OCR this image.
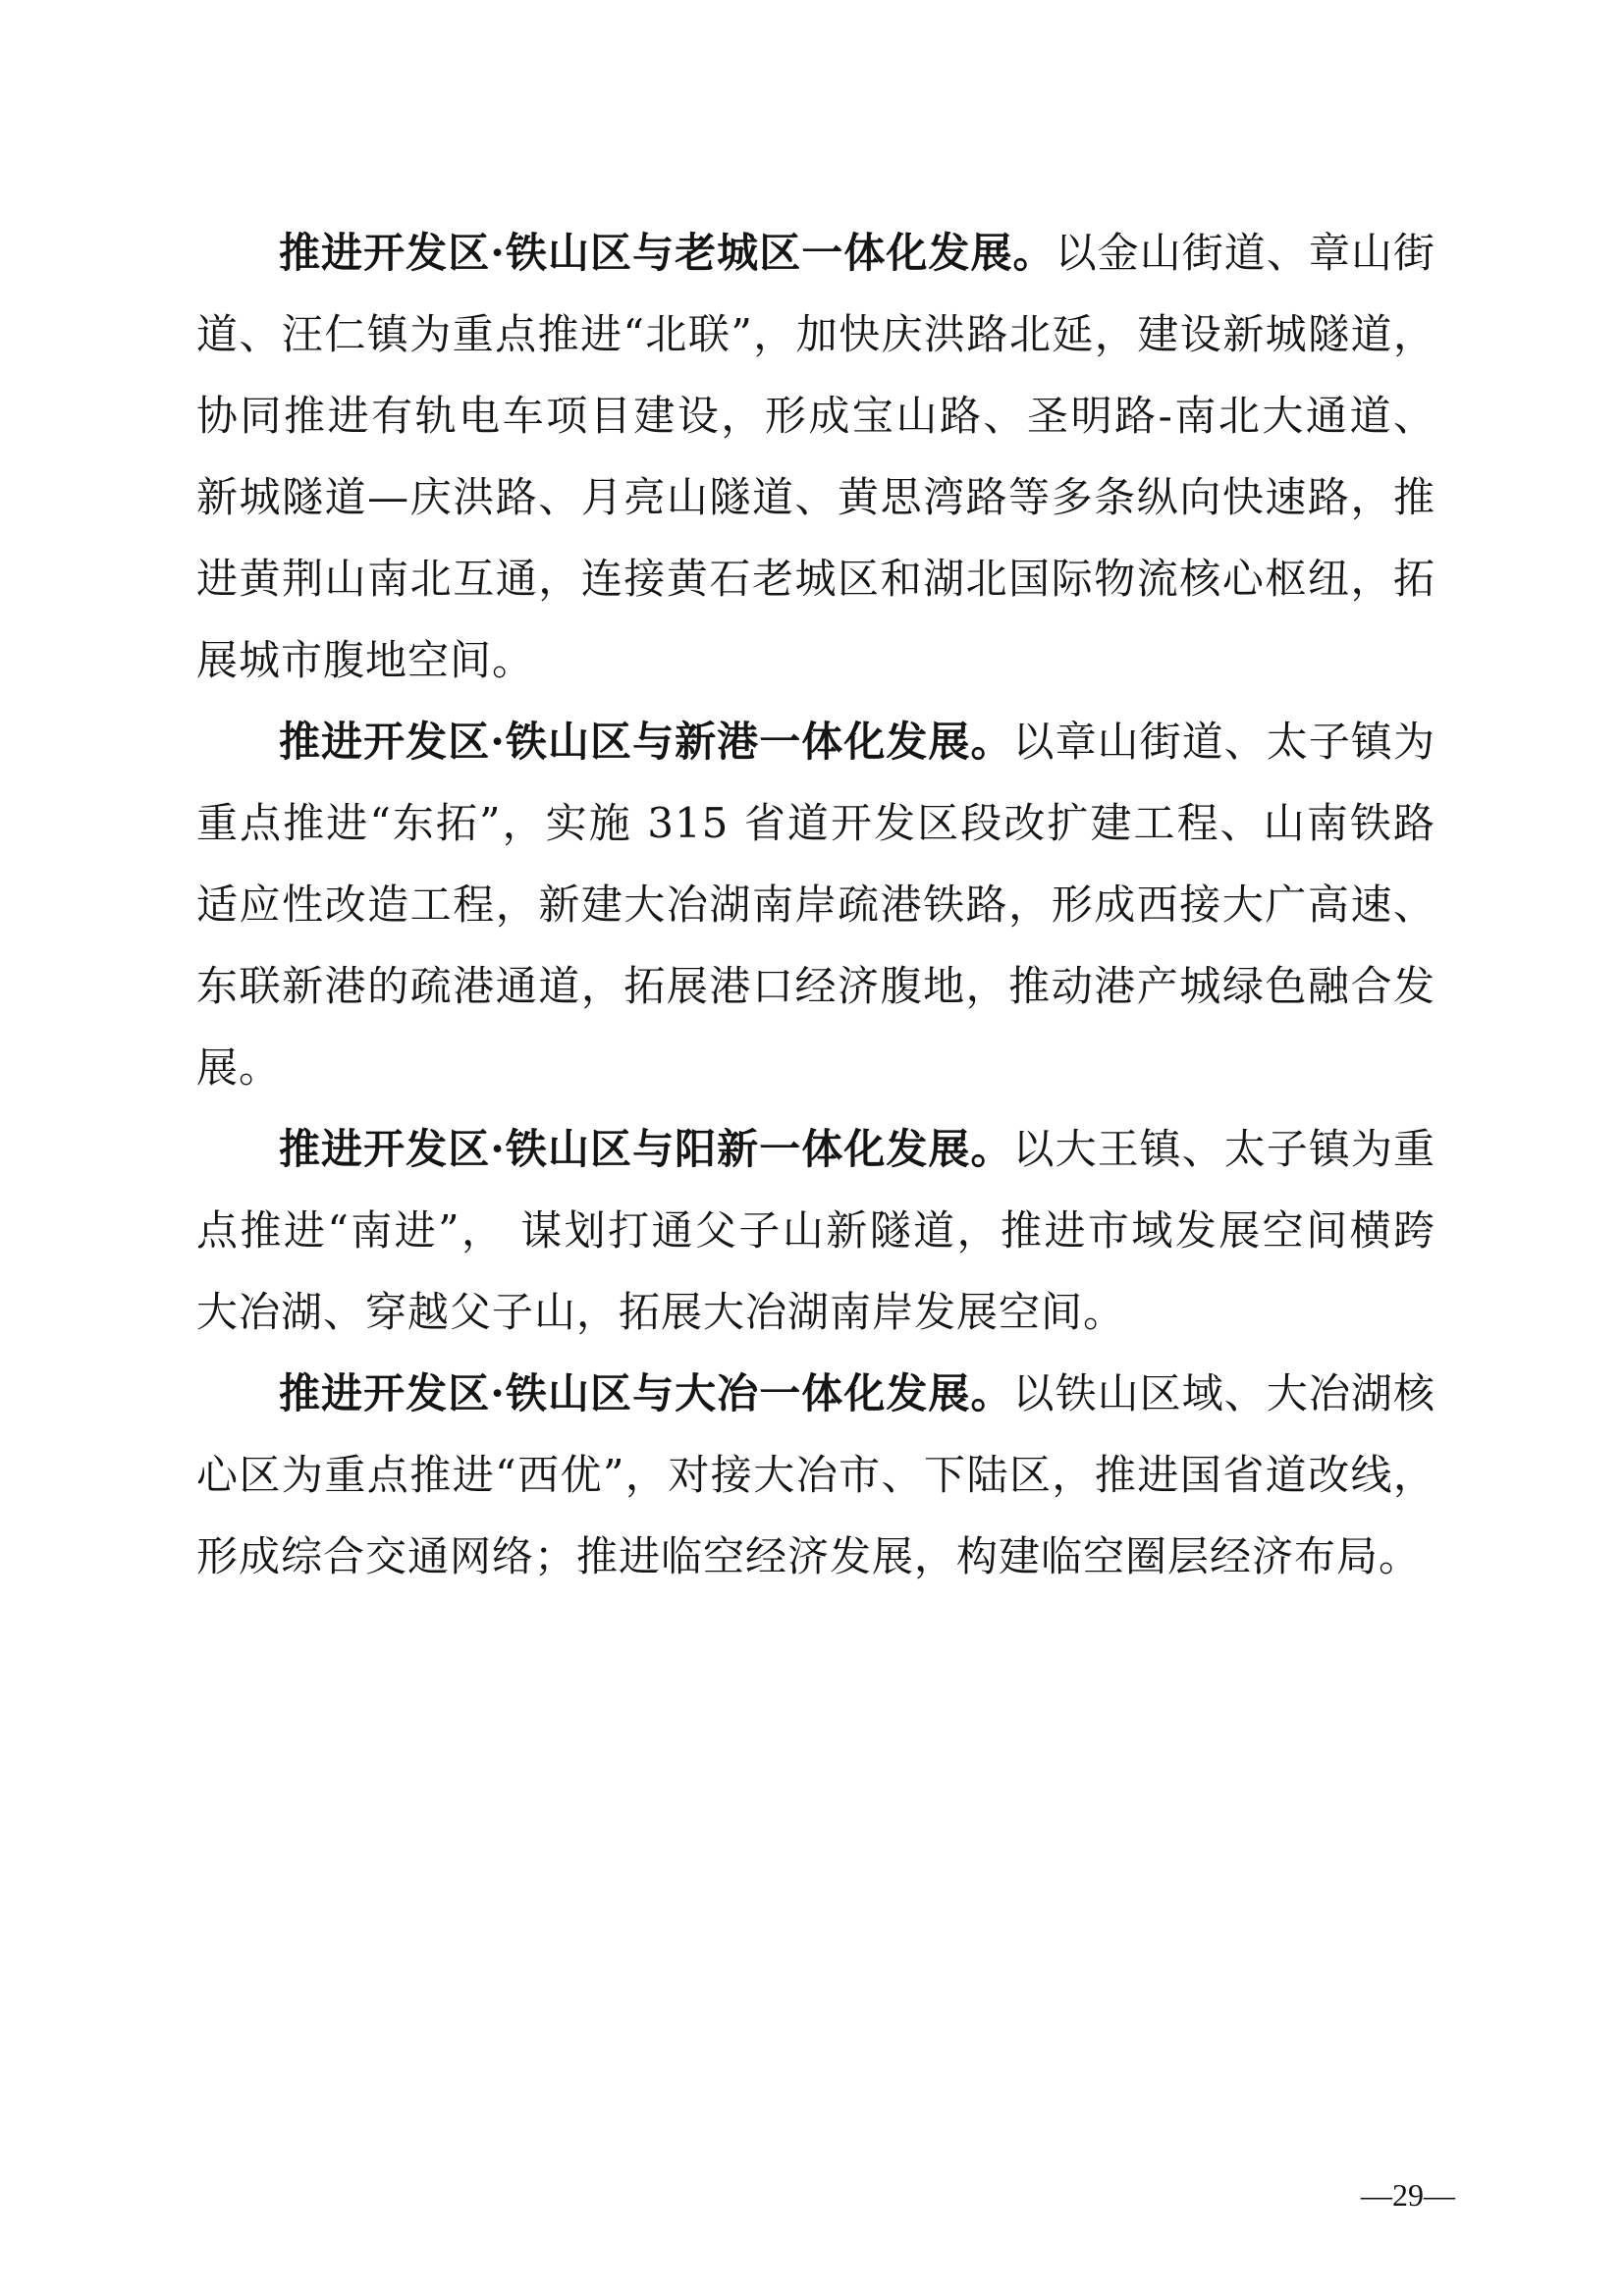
推进开发区·铁山区与老城区一体化发展。以金山街道、章山街道、汪仁镇为重点推进“北联”，加快庆洪路北延，建设新城隧道，协同推进有轨电车项目建设，形成宝山路、圣明路-南北大通道、新城隧道—庆洪路、月亮山隧道、黄思湾路等多条纵向快速路，推进黄荆山南北互通，连接黄石老城区和湖北国际物流核心枢纽，拓展城市腹地空间。

推进开发区·铁山区与新港一体化发展。以章山街道、太子镇为重点推进“东拓”，实施 315 省道开发区段改扩建工程、山南铁路适应性改造工程，新建大冶湖南岸疏港铁路，形成西接大广高速、东联新港的疏港通道，拓展港口经济腹地，推动港产城绿色融合发展。

推进开发区·铁山区与阳新一体化发展。以大王镇、太子镇为重点推进“南进”， 谋划打通父子山新隧道，推进市域发展空间横跨大冶湖、穿越父子山，拓展大冶湖南岸发展空间。

推进开发区·铁山区与大冶一体化发展。以铁山区域、大冶湖核心区为重点推进“西优”，对接大冶市、下陆区，推进国省道改线，形成综合交通网络；推进临空经济发展，构建临空圈层经济布局。

—29—
